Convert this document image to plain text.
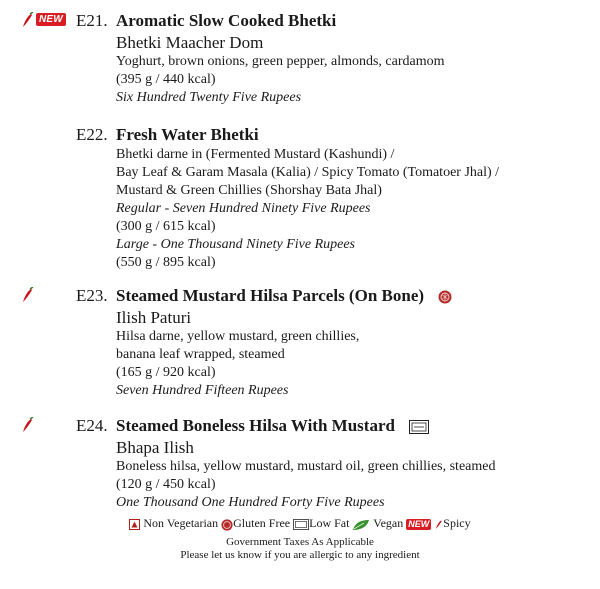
NEW E21. Aromatic Slow Cooked Bhetki
Bhetki Maacher Dom
Yoghurt, brown onions, green pepper, almonds, cardamom
(395 g / 440 kcal)
Six Hundred Twenty Five Rupees
E22. Fresh Water Bhetki
Bhetki darne in (Fermented Mustard (Kashundi) /
Bay Leaf & Garam Masala (Kalia) / Spicy Tomato (Tomatoer Jhal) /
Mustard & Green Chillies (Shorshay Bata Jhal)
Regular - Seven Hundred Ninety Five Rupees
(300 g / 615 kcal)
Large - One Thousand Ninety Five Rupees
(550 g / 895 kcal)
E23. Steamed Mustard Hilsa Parcels (On Bone)
Ilish Paturi
Hilsa darne, yellow mustard, green chillies,
banana leaf wrapped, steamed
(165 g / 920 kcal)
Seven Hundred Fifteen Rupees
E24. Steamed Boneless Hilsa With Mustard
Bhapa Ilish
Boneless hilsa, yellow mustard, mustard oil, green chillies, steamed
(120 g / 450 kcal)
One Thousand One Hundred Forty Five Rupees
Non Vegetarian Gluten Free Low Fat Vegan NEW Spicy
Government Taxes As Applicable
Please let us know if you are allergic to any ingredient
